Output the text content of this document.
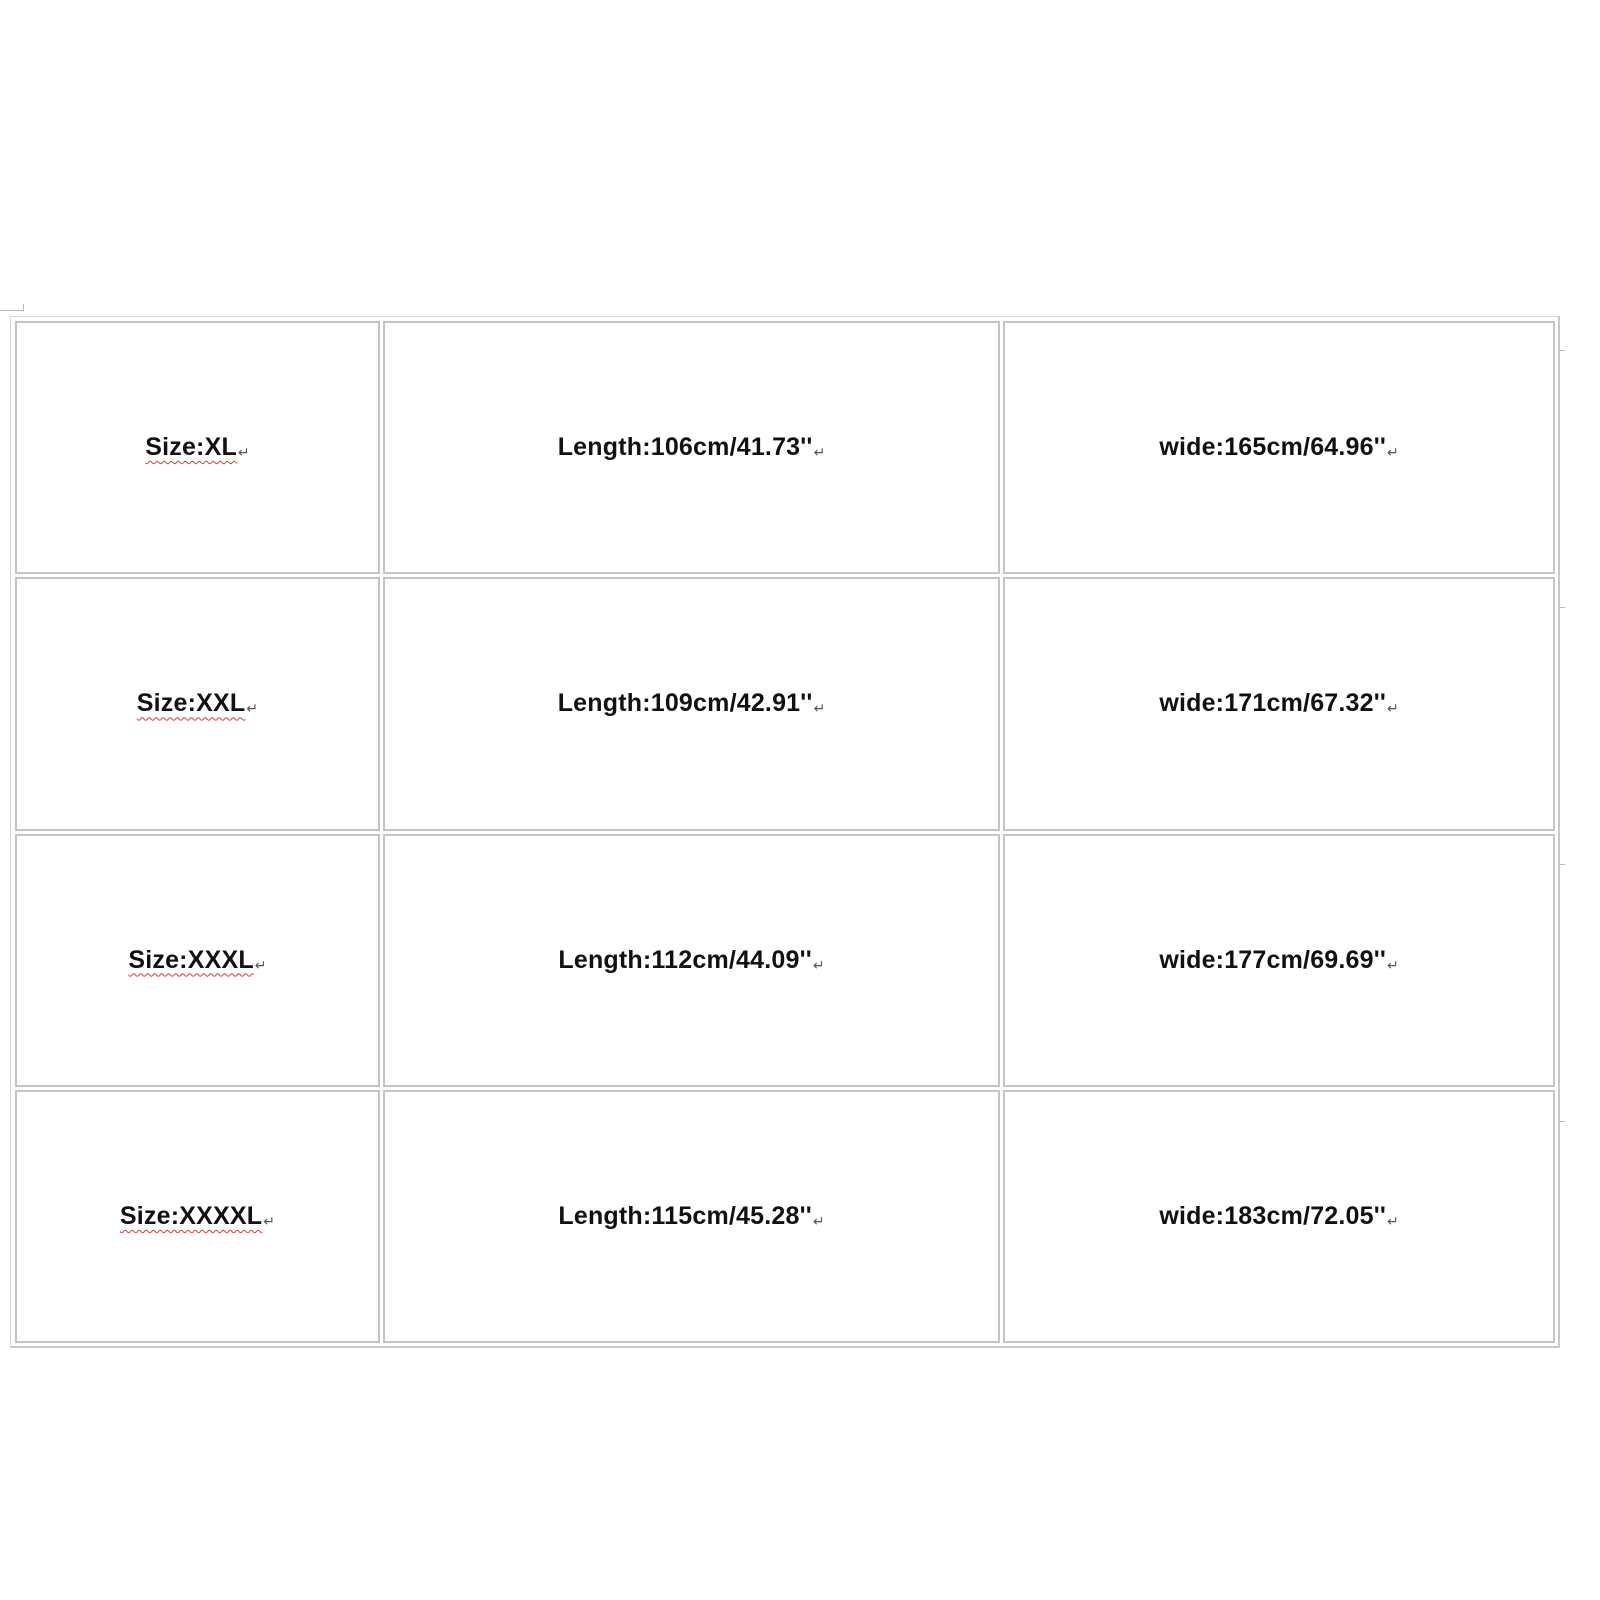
Size:XL↵	Length:106cm/41.73''↵	wide:165cm/64.96''↵
Size:XXL↵	Length:109cm/42.91''↵	wide:171cm/67.32''↵
Size:XXXL↵	Length:112cm/44.09''↵	wide:177cm/69.69''↵
Size:XXXXL↵	Length:115cm/45.28''↵	wide:183cm/72.05''↵
